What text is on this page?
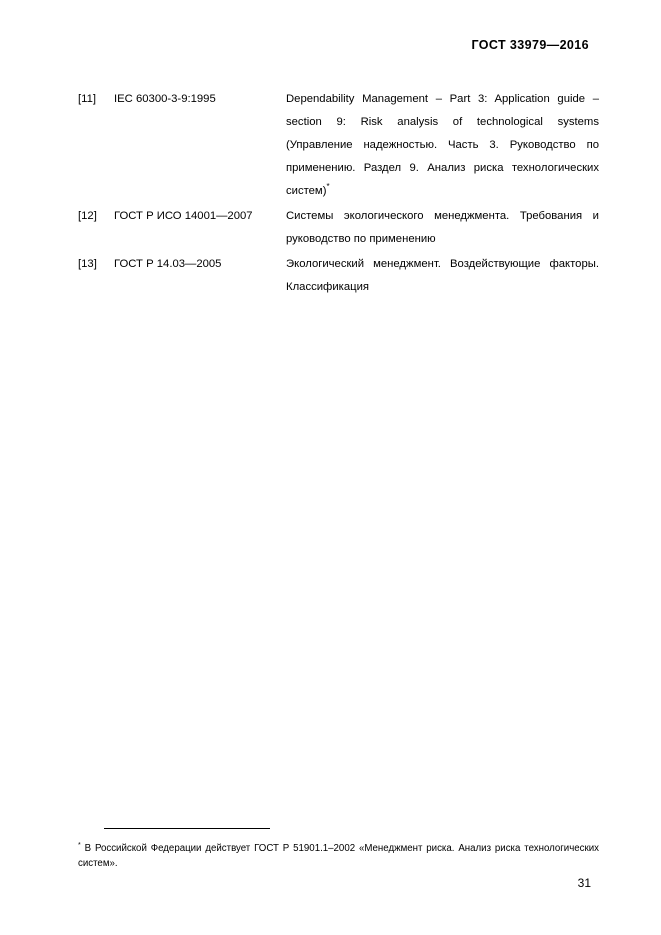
ГОСТ 33979—2016
[11]	IEC 60300-3-9:1995	Dependability Management – Part 3: Application guide – section 9: Risk analysis of technological systems (Управление надежностью. Часть 3. Руководство по применению. Раздел 9. Анализ риска технологических систем)*
[12]	ГОСТ Р ИСО 14001—2007	Системы экологического менеджмента. Требования и руководство по применению
[13]	ГОСТ Р 14.03—2005	Экологический менеджмент. Воздействующие факторы. Классификация
* В Российской Федерации действует ГОСТ Р 51901.1–2002 «Менеджмент риска. Анализ риска технологических систем».
31
